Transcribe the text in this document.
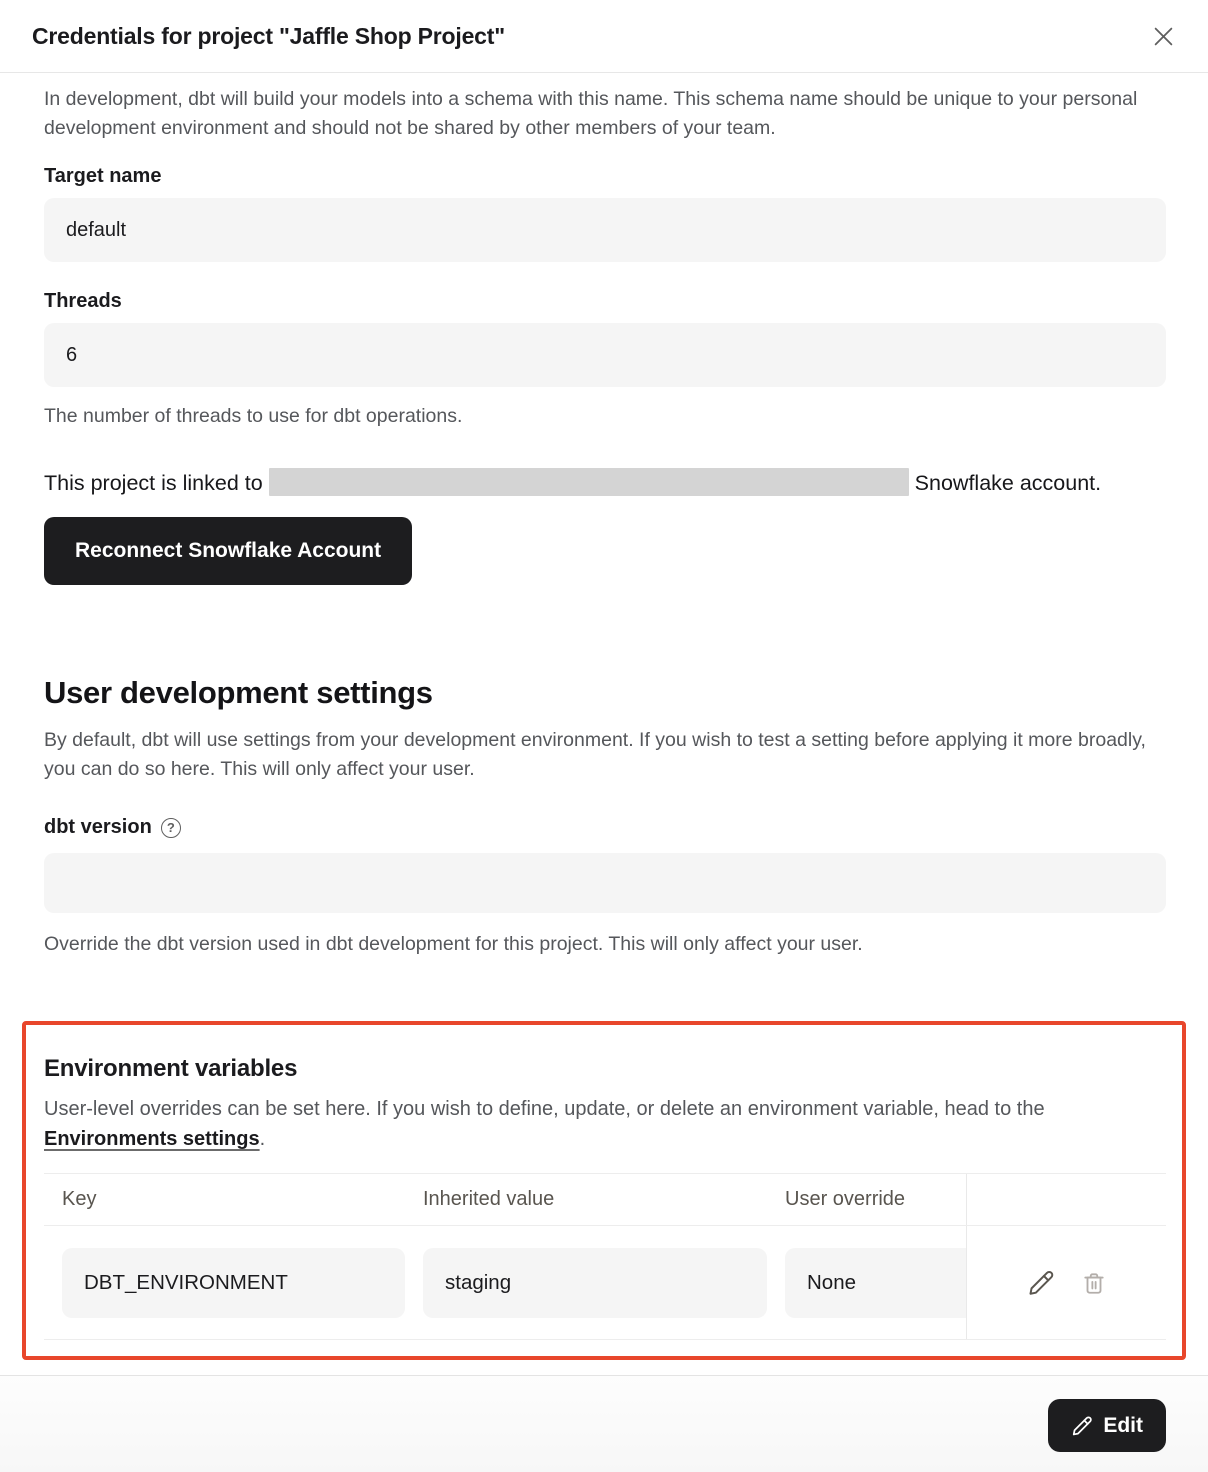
Credentials for project "Jaffle Shop Project"

In development, dbt will build your models into a schema with this name. This schema name should be unique to your personal development environment and should not be shared by other members of your team.

Target name
default
Threads
6

The number of threads to use for dbt operations.

This project is linked to	Snowflake account.

Reconnect Snowflake Account
User development settings

By default, dbt will use settings from your development environment. If you wish to test a setting before applying it more broadly, you can do so here. This will only affect your user.

dbt version	?

Override the dbt version used in dbt development for this project. This will only affect your user.

Environment variables

User-level overrides can be set here. If you wish to define, update, or delete an environment variable, head to the Environments settings.

Key	Inherited value	User override
DBT_ENVIRONMENT	staging	None
Edit
